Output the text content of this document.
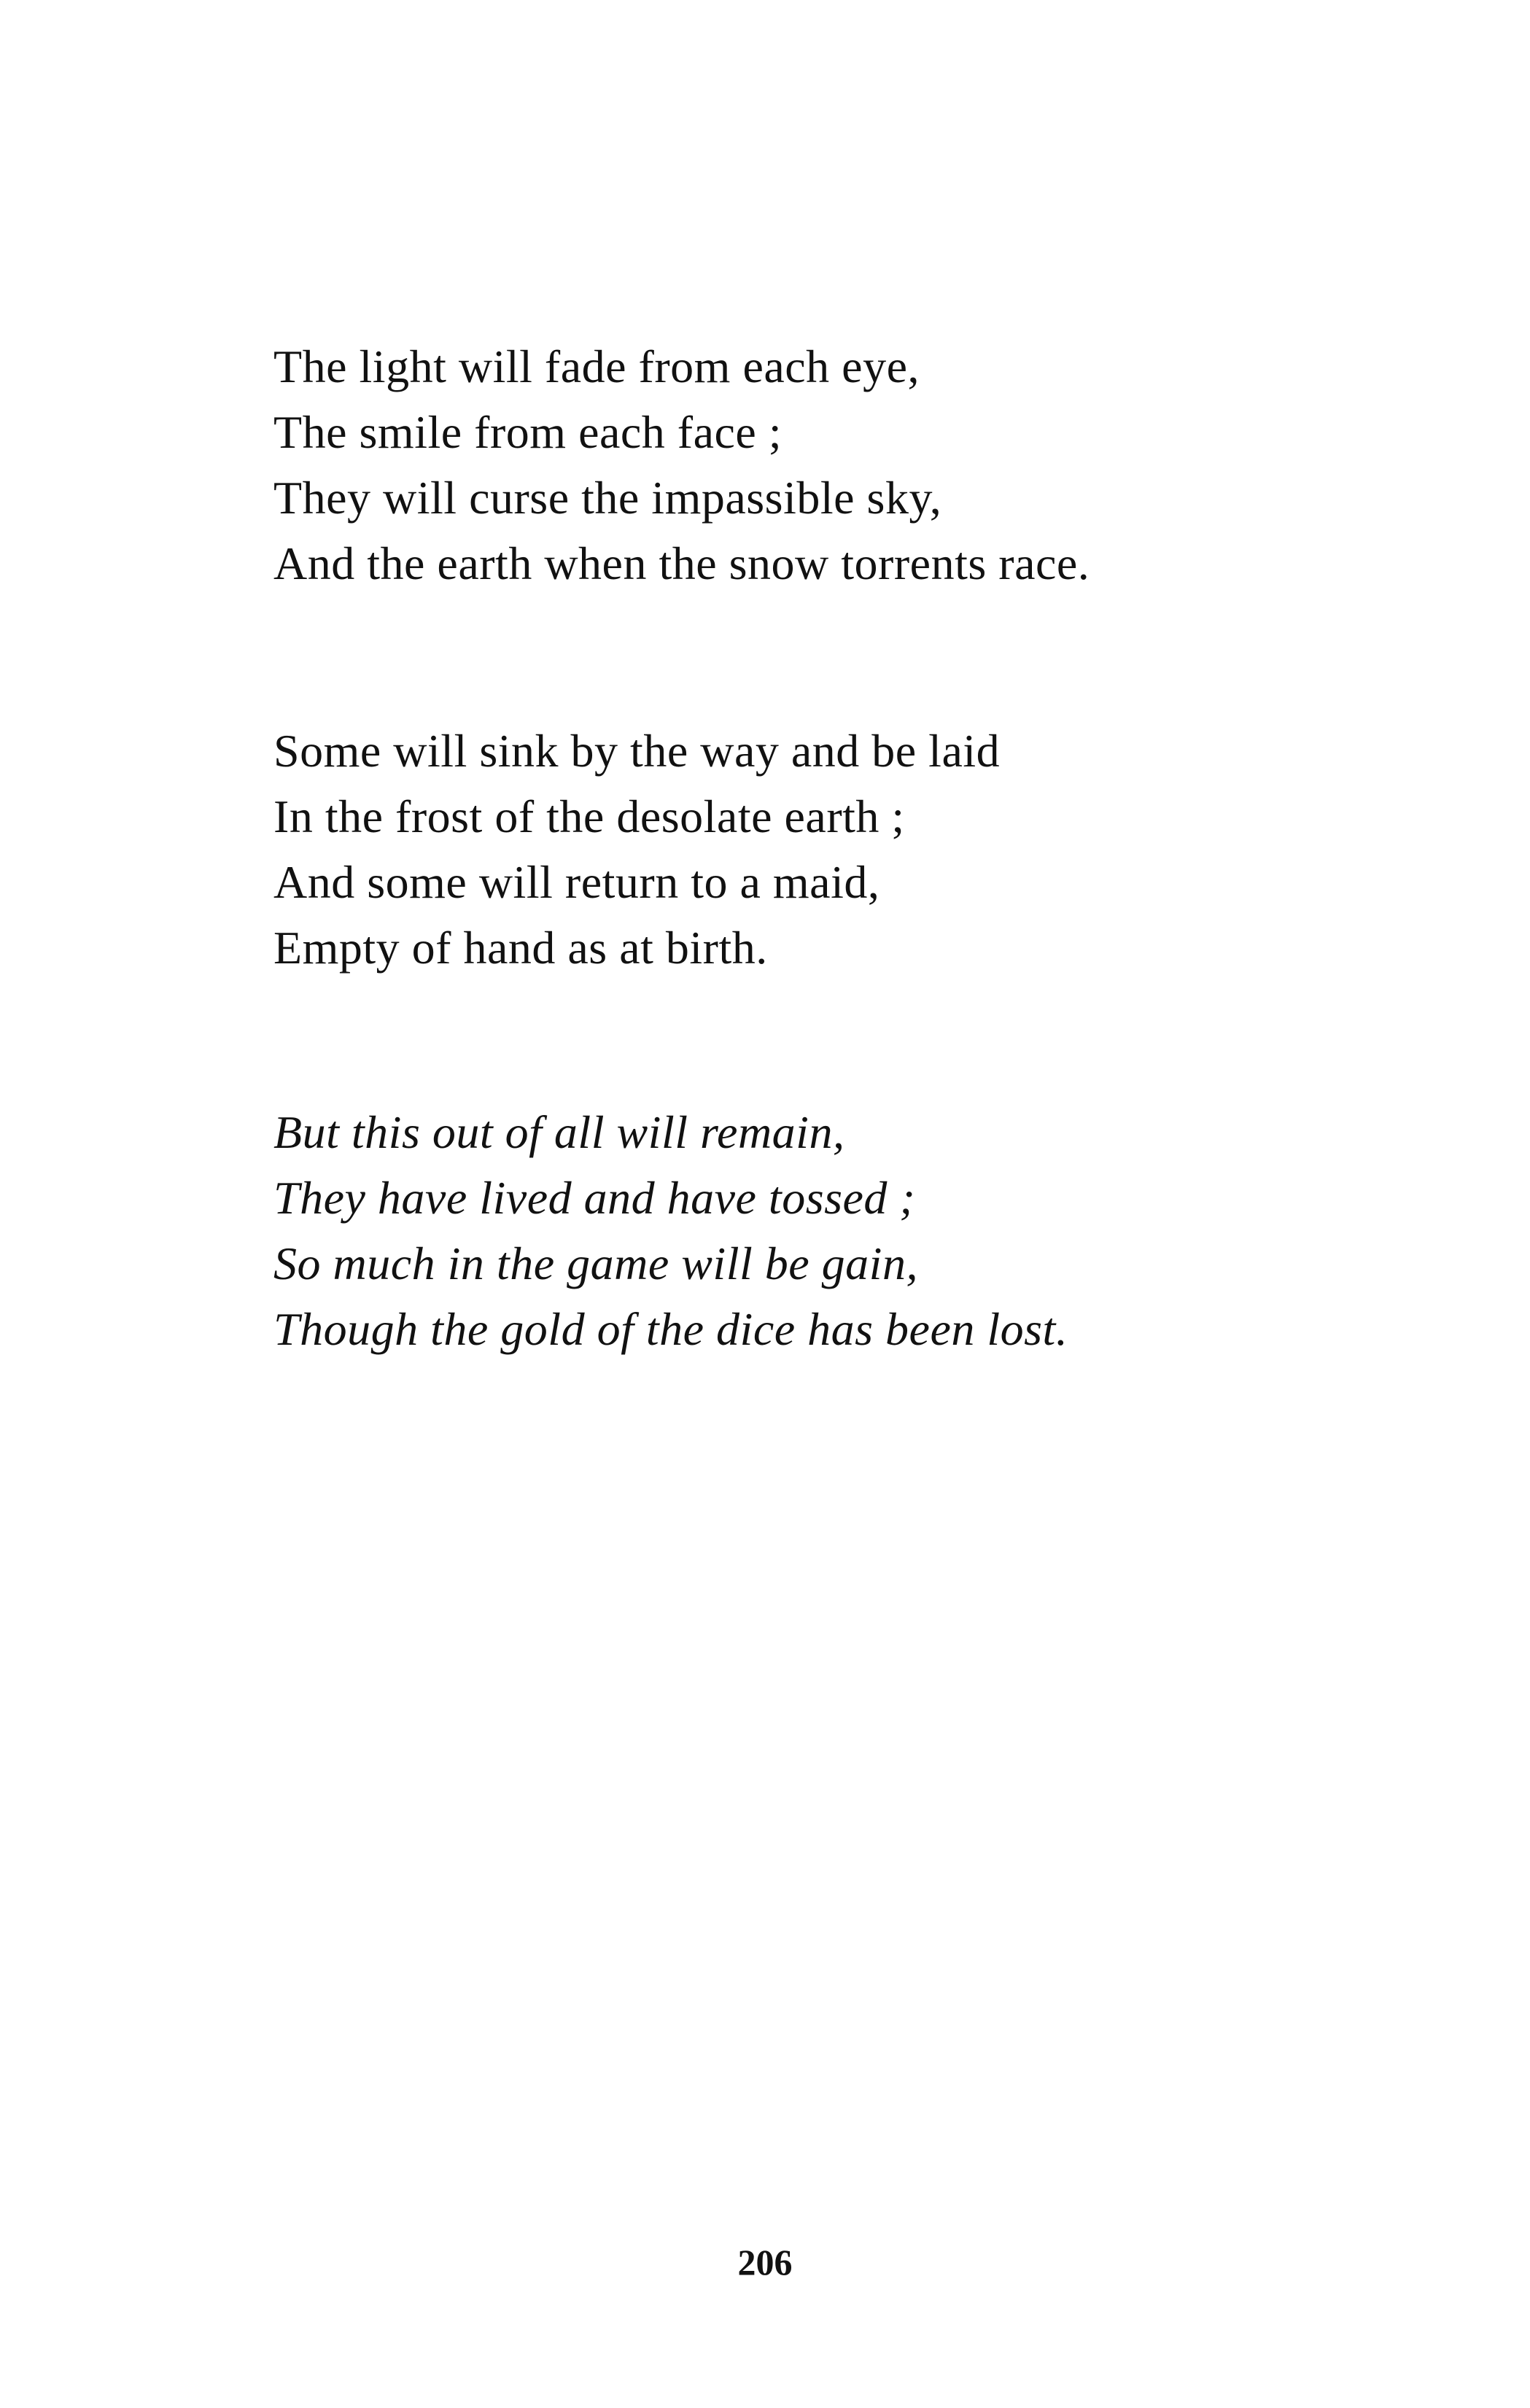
The light will fade from each eye,
The smile from each face ;
They will curse the impassible sky,
And the earth when the snow torrents race.
Some will sink by the way and be laid
In the frost of the desolate earth ;
And some will return to a maid,
Empty of hand as at birth.
But this out of all will remain,
They have lived and have tossed ;
So much in the game will be gain,
Though the gold of the dice has been lost.
206
